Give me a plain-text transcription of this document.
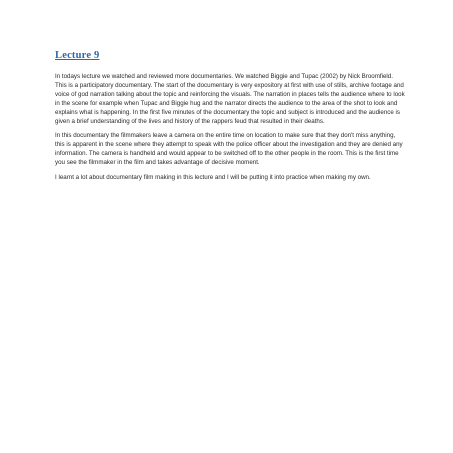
Lecture 9

In todays lecture we watched and reviewed more documentaries. We watched Biggie and Tupac (2002) by Nick Broomfield. This is a participatory documentary. The start of the documentary is very expository at first with use of stills, archive footage and voice of god narration talking about the topic and reinforcing the visuals. The narration in places tells the audience where to look in the scene for example when Tupac and Biggie hug and the narrator directs the audience to the area of the shot to look and explains what is happening. In the first five minutes of the documentary the topic and subject is introduced and the audience is given a brief understanding of the lives and history of the rappers feud that resulted in their deaths.

In this documentary the filmmakers leave a camera on the entire time on location to make sure that they don't miss anything, this is apparent in the scene where they attempt to speak with the police officer about the investigation and they are denied any information. The camera is handheld and would appear to be switched off to the other people in the room. This is the first time you see the filmmaker in the film and takes advantage of decisive moment.

I learnt a lot about documentary film making in this lecture and I will be putting it into practice when making my own.
